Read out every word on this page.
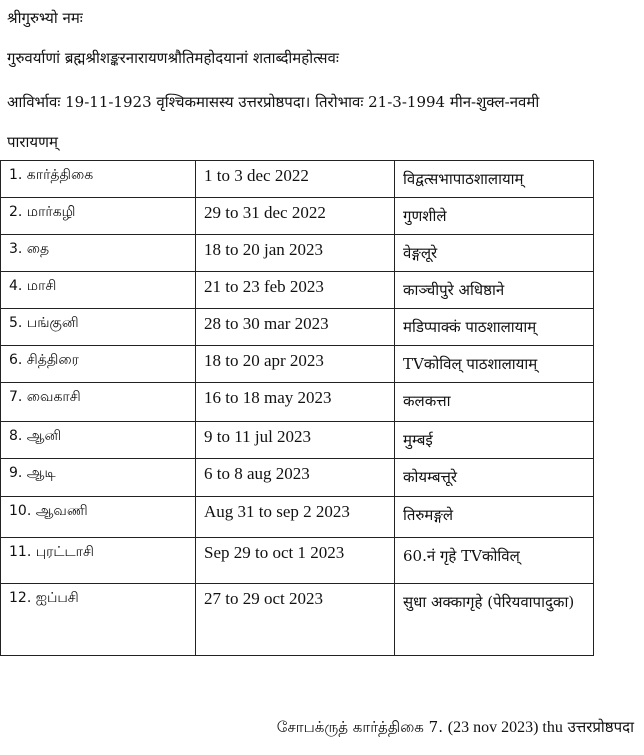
श्रीगुरुभ्यो नमः
गुरुवर्याणां ब्रह्मश्रीशङ्करनारायणश्रौतिमहोदयानां शताब्दीमहोत्सवः
आविर्भावः 19-11-1923 वृश्चिकमासस्य उत्तरप्रोष्ठपदा। तिरोभावः 21-3-1994 मीन-शुक्ल-नवमी
पारायणम्
1. கார்த்திகை	1 to 3 dec 2022	विद्वत्सभापाठशालायाम्
2. மார்கழி	29 to 31 dec 2022	गुणशीले
3. தை	18 to 20 jan 2023	वेङ्गलूरे
4. மாசி	21 to 23 feb 2023	काञ्चीपुरे अधिष्ठाने
5. பங்குனி	28 to 30 mar 2023	मडिप्पाक्कं पाठशालायाम्
6. சித்திரை	18 to 20 apr 2023	TVकोविल् पाठशालायाम्
7. வைகாசி	16 to 18 may 2023	कलकत्ता
8. ஆனி	9 to 11 jul 2023	मुम्बई
9. ஆடி	6 to 8 aug 2023	कोयम्बत्तूरे
10. ஆவணி	Aug 31 to sep 2 2023	तिरुमङ्गले
11. புரட்டாசி	Sep 29 to oct 1 2023	60.नं गृहे TVकोविल्
12. ஐப்பசி	27 to 29 oct 2023	सुधा अक्कागृहे (पेरियवापादुका)
சோபக்ருத் கார்த்திகை 7. (23 nov 2023) thu उत्तरप्रोष्ठपदा
